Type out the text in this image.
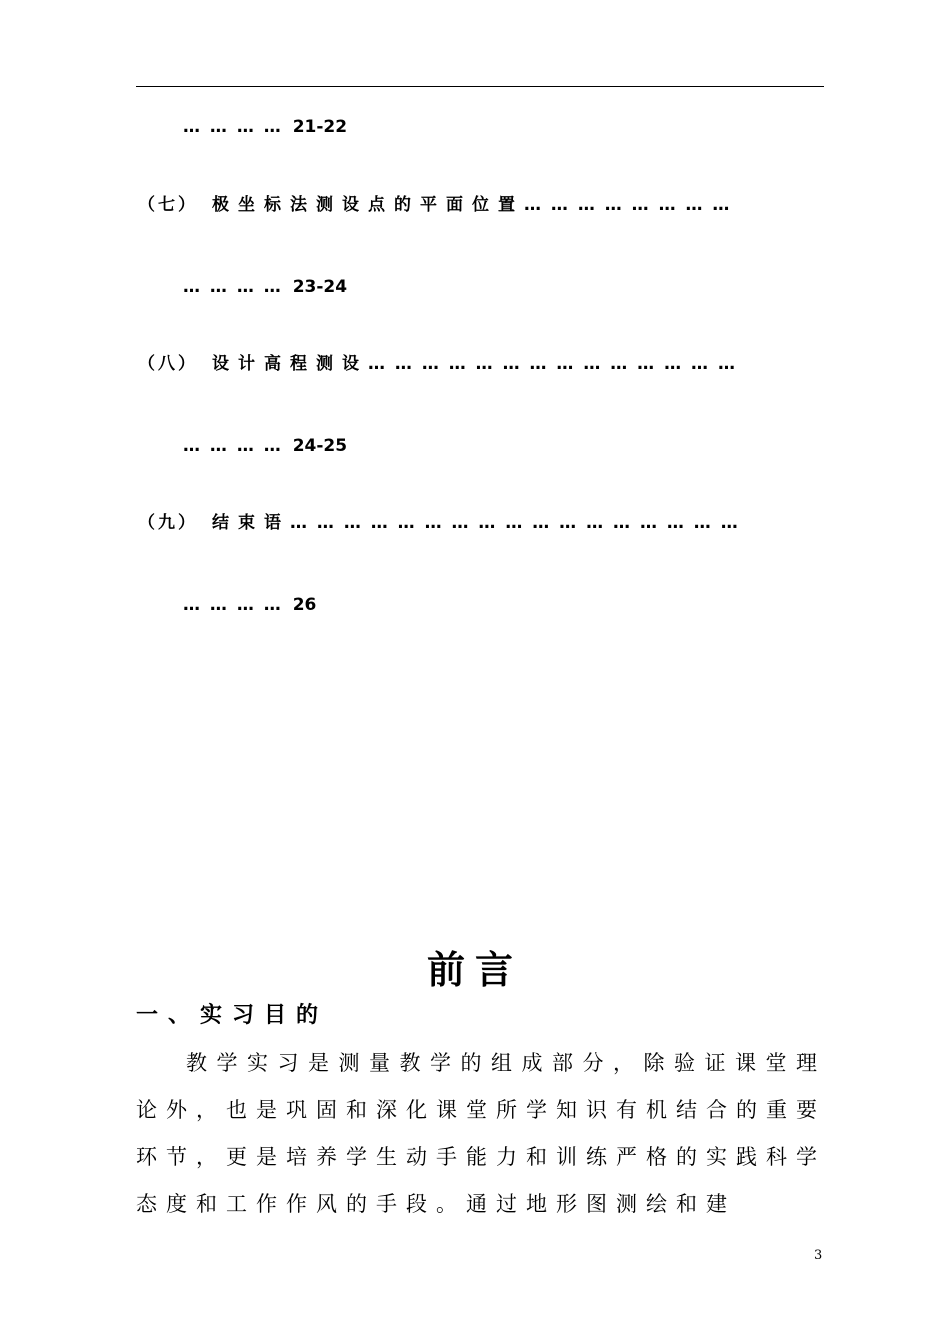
… … … … 21-22
（七） 极坐标法测设点的平面位置 … … … … … … … …
… … … … 23-24
（八） 设计高程测设 … … … … … … … … … … … … … …
… … … … 24-25
（九） 结束语 … … … … … … … … … … … … … … … … …
… … … … 26
前言
一、实习目的
教学实习是测量教学的组成部分，除验证课堂理论外，也是巩固和深化课堂所学知识有机结合的重要环节，更是培养学生动手能力和训练严格的实践科学态度和工作作风的手段。通过地形图测绘和建
3
